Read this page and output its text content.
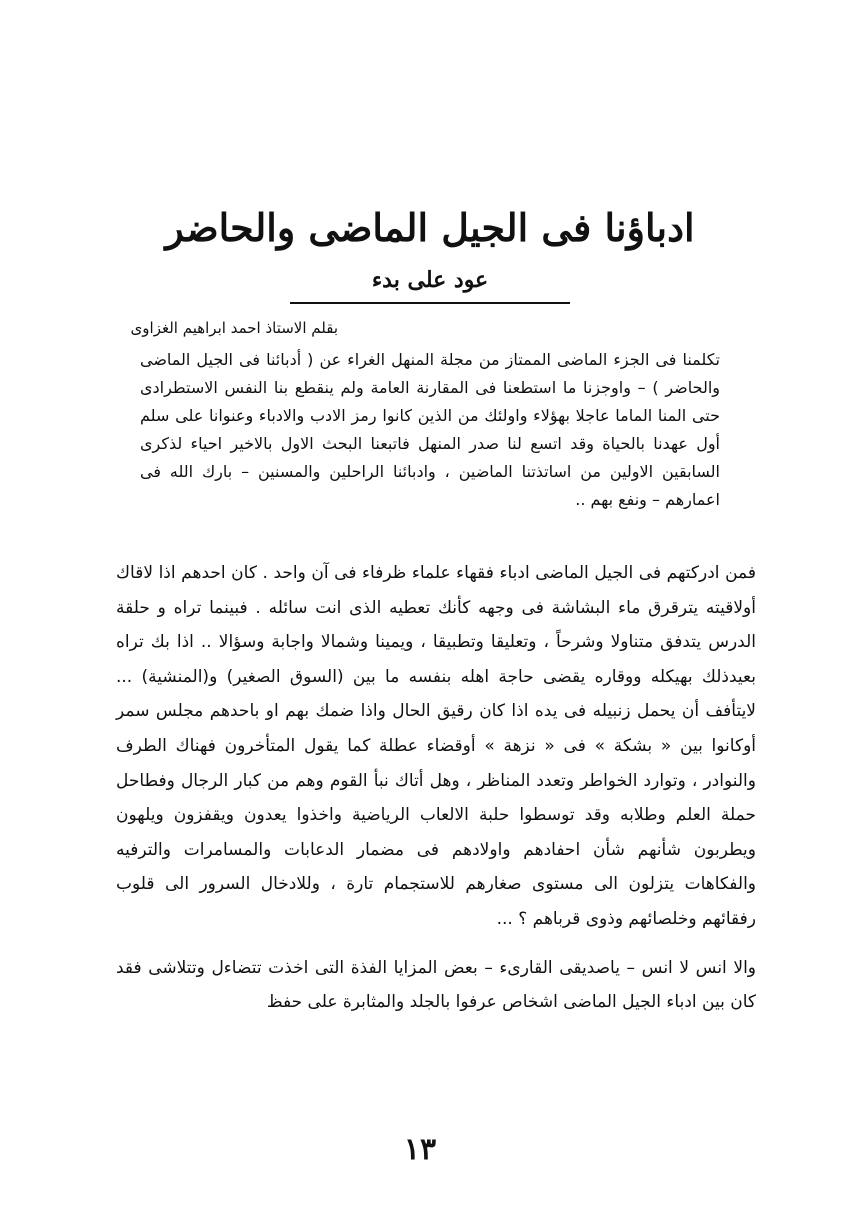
ادباؤنا فى الجيل الماضى والحاضر
عود على بدء
بقلم الاستاذ احمد ابراهيم الغزاوى

تكلمنا فى الجزء الماضى الممتاز من مجلة المنهل الغراء عن ( أدبائنا فى الجيل الماضى والحاضر ) – واوجزنا ما استطعنا فى المقارنة العامة ولم ينقطع بنا النفس الاستطرادى حتى المنا الماما عاجلا بهؤلاء واولئك من الذين كانوا رمز الادب والادباء وعنوانا على سلم أول عهدنا بالحياة وقد اتسع لنا صدر المنهل فاتبعنا البحث الاول بالاخير احياء لذكرى السابقين الاولين من اساتذتنا الماضين ، وادبائنا الراحلين والمسنين – بارك الله فى اعمارهم – ونفع بهم ..

فمن ادركتهم فى الجيل الماضى ادباء فقهاء علماء ظرفاء فى آن واحد . كان احدهم اذا لاقاك أولاقيته يترقرق ماء البشاشة فى وجهه كأنك تعطيه الذى انت سائله . فبينما تراه و حلقة الدرس يتدفق متناولا وشرحاً ، وتعليقا وتطبيقا ، ويمينا وشمالا واجابة وسؤالا .. اذا بك تراه بعيدذلك بهيكله ووقاره يقضى حاجة اهله بنفسه ما بين (السوق الصغير) و(المنشية) ... لايتأفف أن يحمل زنبيله فى يده اذا كان رقيق الحال واذا ضمك بهم او باحدهم مجلس سمر أوكانوا بين « بشكة » فى « نزهة » أوقضاء عطلة كما يقول المتأخرون فهناك الطرف والنوادر ، وتوارد الخواطر وتعدد المناظر ، وهل أتاك نبأ القوم وهم من كبار الرجال وفطاحل حملة العلم وطلابه وقد توسطوا حلبة الالعاب الرياضية واخذوا يعدون ويقفزون ويلهون ويطربون شأنهم شأن احفادهم واولادهم فى مضمار الدعابات والمسامرات والترفيه والفكاهات يتزلون الى مستوى صغارهم للاستجمام تارة ، وللادخال السرور الى قلوب رفقائهم وخلصائهم وذوى قرباهم ؟ ...

والا انس لا انس – ياصديقى القارىء – بعض المزايا الفذة التى اخذت تتضاءل وتتلاشى فقد كان بين ادباء الجيل الماضى اشخاص عرفوا بالجلد والمثابرة على حفظ

١٣
